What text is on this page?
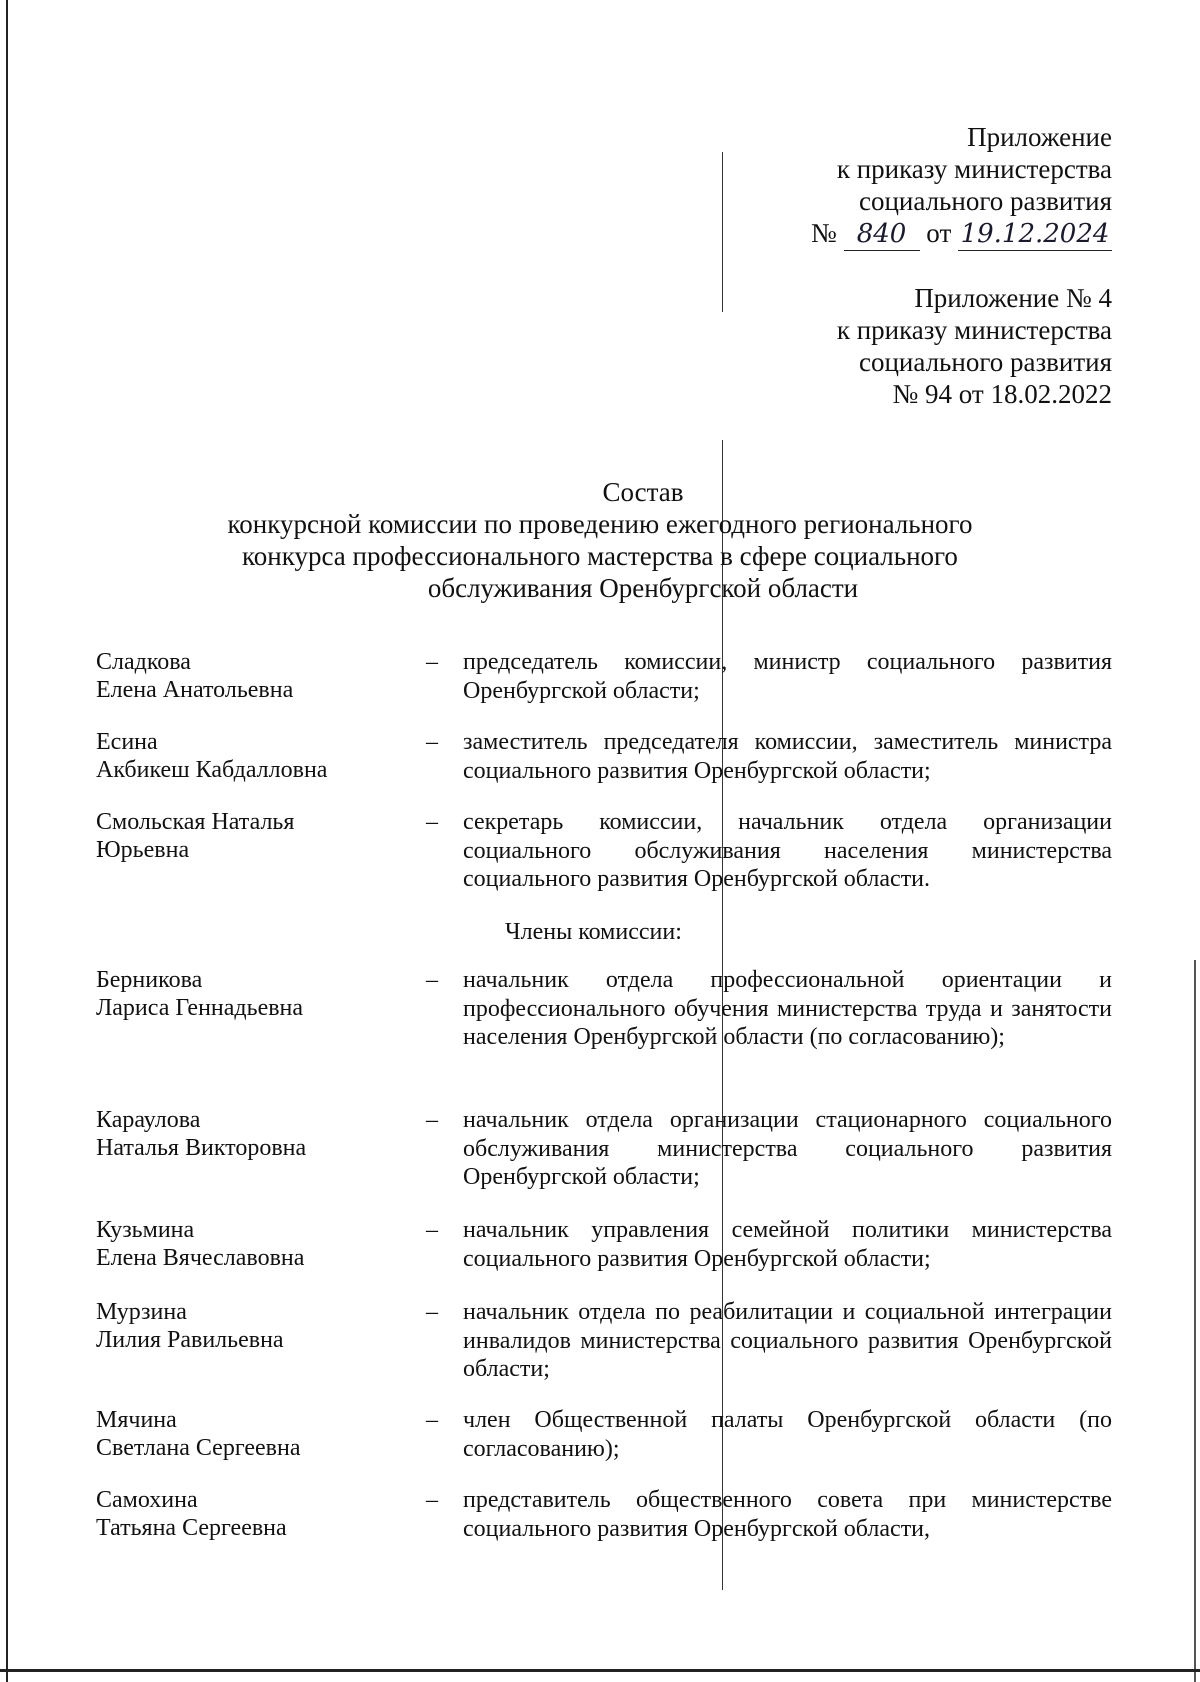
Приложение
к приказу министерства
социального развития
№ 840 от 19.12.2024
Приложение № 4
к приказу министерства
социального развития
№ 94 от 18.02.2022
Состав
конкурсной комиссии по проведению ежегодного регионального
конкурса профессионального мастерства в сфере социального
обслуживания Оренбургской области
Сладкова
Елена Анатольевна
– председатель комиссии, министр социального развития Оренбургской области;
Есина
Акбикеш Кабдалловна
– заместитель председателя комиссии, заместитель министра социального развития Оренбургской области;
Смольская Наталья
Юрьевна
– секретарь комиссии, начальник отдела организации социального обслуживания населения министерства социального развития Оренбургской области.
Члены комиссии:
Берникова
Лариса Геннадьевна
– начальник отдела профессиональной ориентации и профессионального обучения министерства труда и занятости населения Оренбургской области (по согласованию);
Караулова
Наталья Викторовна
– начальник отдела организации стационарного социального обслуживания министерства социального развития Оренбургской области;
Кузьмина
Елена Вячеславовна
– начальник управления семейной политики министерства социального развития Оренбургской области;
Мурзина
Лилия Равильевна
– начальник отдела по реабилитации и социальной интеграции инвалидов министерства социального развития Оренбургской области;
Мячина
Светлана Сергеевна
– член Общественной палаты Оренбургской области (по согласованию);
Самохина
Татьяна Сергеевна
– представитель общественного совета при министерстве социального развития Оренбургской области,
